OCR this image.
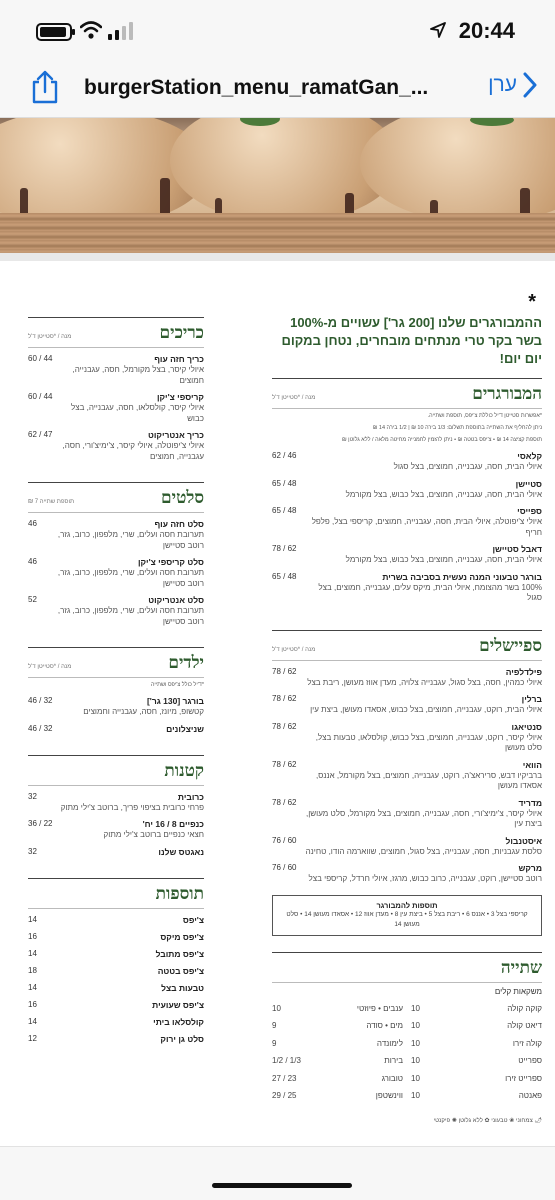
20:44
burgerStation_menu_ramatGan_...	ערן
*
ההמבורגרים שלנו [200 גר'] עשויים מ-100% בשר בקר טרי מנתחים מובחרים, נטחן במקום יום יום!
המבורגרים
מנה / *סטייטן ד'ל
*אפשרות סטייטן ד'יל כוללת צ'יפס, תוספת ושתייה.
ניתן להחליף את השתייה בתוספת תשלום: 1/3 בירה 10 ₪ | 1/2 בירה 14 ₪
תוספת קציצה 14 ₪ • צ'יפס בטטה ₪ • ניתן להזמין לחמנייה מחיטה מלאה / ללא גלוטן ₪
קלאסי
איולי הבית, חסה, עגבנייה, חמוצים, בצל סגול
62 / 46
סטיישן
איולי הבית, חסה, עגבנייה, חמוצים, בצל כבוש, בצל מקורמל
65 / 48
ספייסי
איולי צ'יפוטלה, איולי הבית, חסה, עגבנייה, חמוצים, קריספי בצל, פלפל חריף
65 / 48
דאבל סטיישן
איולי הבית, חסה, עגבנייה, חמוצים, בצל כבוש, בצל מקורמל
78 / 62
בורגר טבעוני המנה נעשית בסביבה בשרית
100% בשר מהצומח, איולי הבית, מיקס עלים, עגבנייה, חמוצים, בצל סגול
65 / 48
ספיישלים
מנה / *סטייטן ד'ל
פילדלפיה
איולי כמהין, חסה, בצל סגול, עגבנייה צלויה, מעדן אווז מעושן, ריבת בצל
78 / 62
ברלין
איולי הבית, רוקט, עגבנייה, חמוצים, בצל כבוש, אסאדו מעושן, ביצת עין
78 / 62
סנטיאגו
איולי קיסר, רוקט, עגבנייה, חמוצים, בצל כבוש, קולסלאו, טבעות בצל, סלט מעושן
78 / 62
הוואי
ברביקיו דבש, סריראצ'ה, רוקט, עגבנייה, חמוצים, בצל מקורמל, אננס, אסאדו מעושן
78 / 62
מדריד
איולי קיסר, צ'ימיצ'ורי, חסה, עגבנייה, חמוצים, בצל מקורמל, סלט מעושן, ביצת עין
78 / 62
איסטנבול
סלסת עגבניות, חסה, עגבנייה, בצל סגול, חמוצים, שווארמה הודו, טחינה
76 / 60
מרקש
רוטב סטיישן, רוקט, עגבנייה, כרוב כבוש, מרגז, איולי חרדל, קריספי בצל
76 / 60
תוספות להמבורגר
קריספי בצל 3 • אננס 6 • ריבת בצל 5 • ביצת עין 8 • מעדן אווז 12 • אסאדו מעושן 14 • סלט מעושן 14
שתייה
משקאות קלים
קוקה קולה
10
דיאט קולה
10
קולה זירו
10
ספרייט
10
ספרייט זירו
10
פאנטה
10
ענבים • פיוזטי
10
מים • סודה
9
לימונדה
9
בירות
1/2 / 1/3
טובורג
27 / 23
ווינשטפן
29 / 25
🌶 צמחוני ❀ טבעוני ✿ ללא גלוטן ✺ פיקנטי
כריכים
מנה / *סטייטן ד'ל
כריך חזה עוף
איולי קיסר, בצל מקורמל, חסה, עגבנייה, חמוצים
60 / 44
קריספי צ'יקן
איולי קיסר, קולסלאו, חסה, עגבנייה, בצל כבוש
60 / 44
כריך אנטריקוט
איולי צ'יפוטלה, איולי קיסר, צ'ימיצ'ורי, חסה, עגבנייה, חמוצים
62 / 47
סלטים
תוספת שתייה 7 ₪
סלט חזה עוף
תערובת חסה ועלים, שרי, מלפפון, כרוב, גזר, רוטב סטיישן
46
סלט קריספי צ'יקן
תערובת חסה ועלים, שרי, מלפפון, כרוב, גזר, רוטב סטיישן
46
סלט אנטריקוט
תערובת חסה ועלים, שרי, מלפפון, כרוב, גזר, רוטב סטיישן
52
ילדים
מנה / *סטייטן ד'ל
*ד'יל כולל צ'יפס ושתייה
בורגר [130 גר']
קטשופ, מיונז, חסה, עגבנייה וחמוצים
46 / 32
שניצלונים
46 / 32
קטנות
כרובית
פרחי כרובית בציפוי פריך, ברוטב צ'ילי מתוק
32
כנפיים 8 / 16 יח'
חצאי כנפיים ברוטב צ'ילי מתוק
36 / 22
נאגטס שלנו
32
תוספות
צ'יפס
14
צ'יפס מיקס
16
צ'יפס מתובל
14
צ'יפס בטטה
18
טבעות בצל
14
צ'יפס שעועית
16
קולסלאו ביתי
14
סלט גן ירוק
12
